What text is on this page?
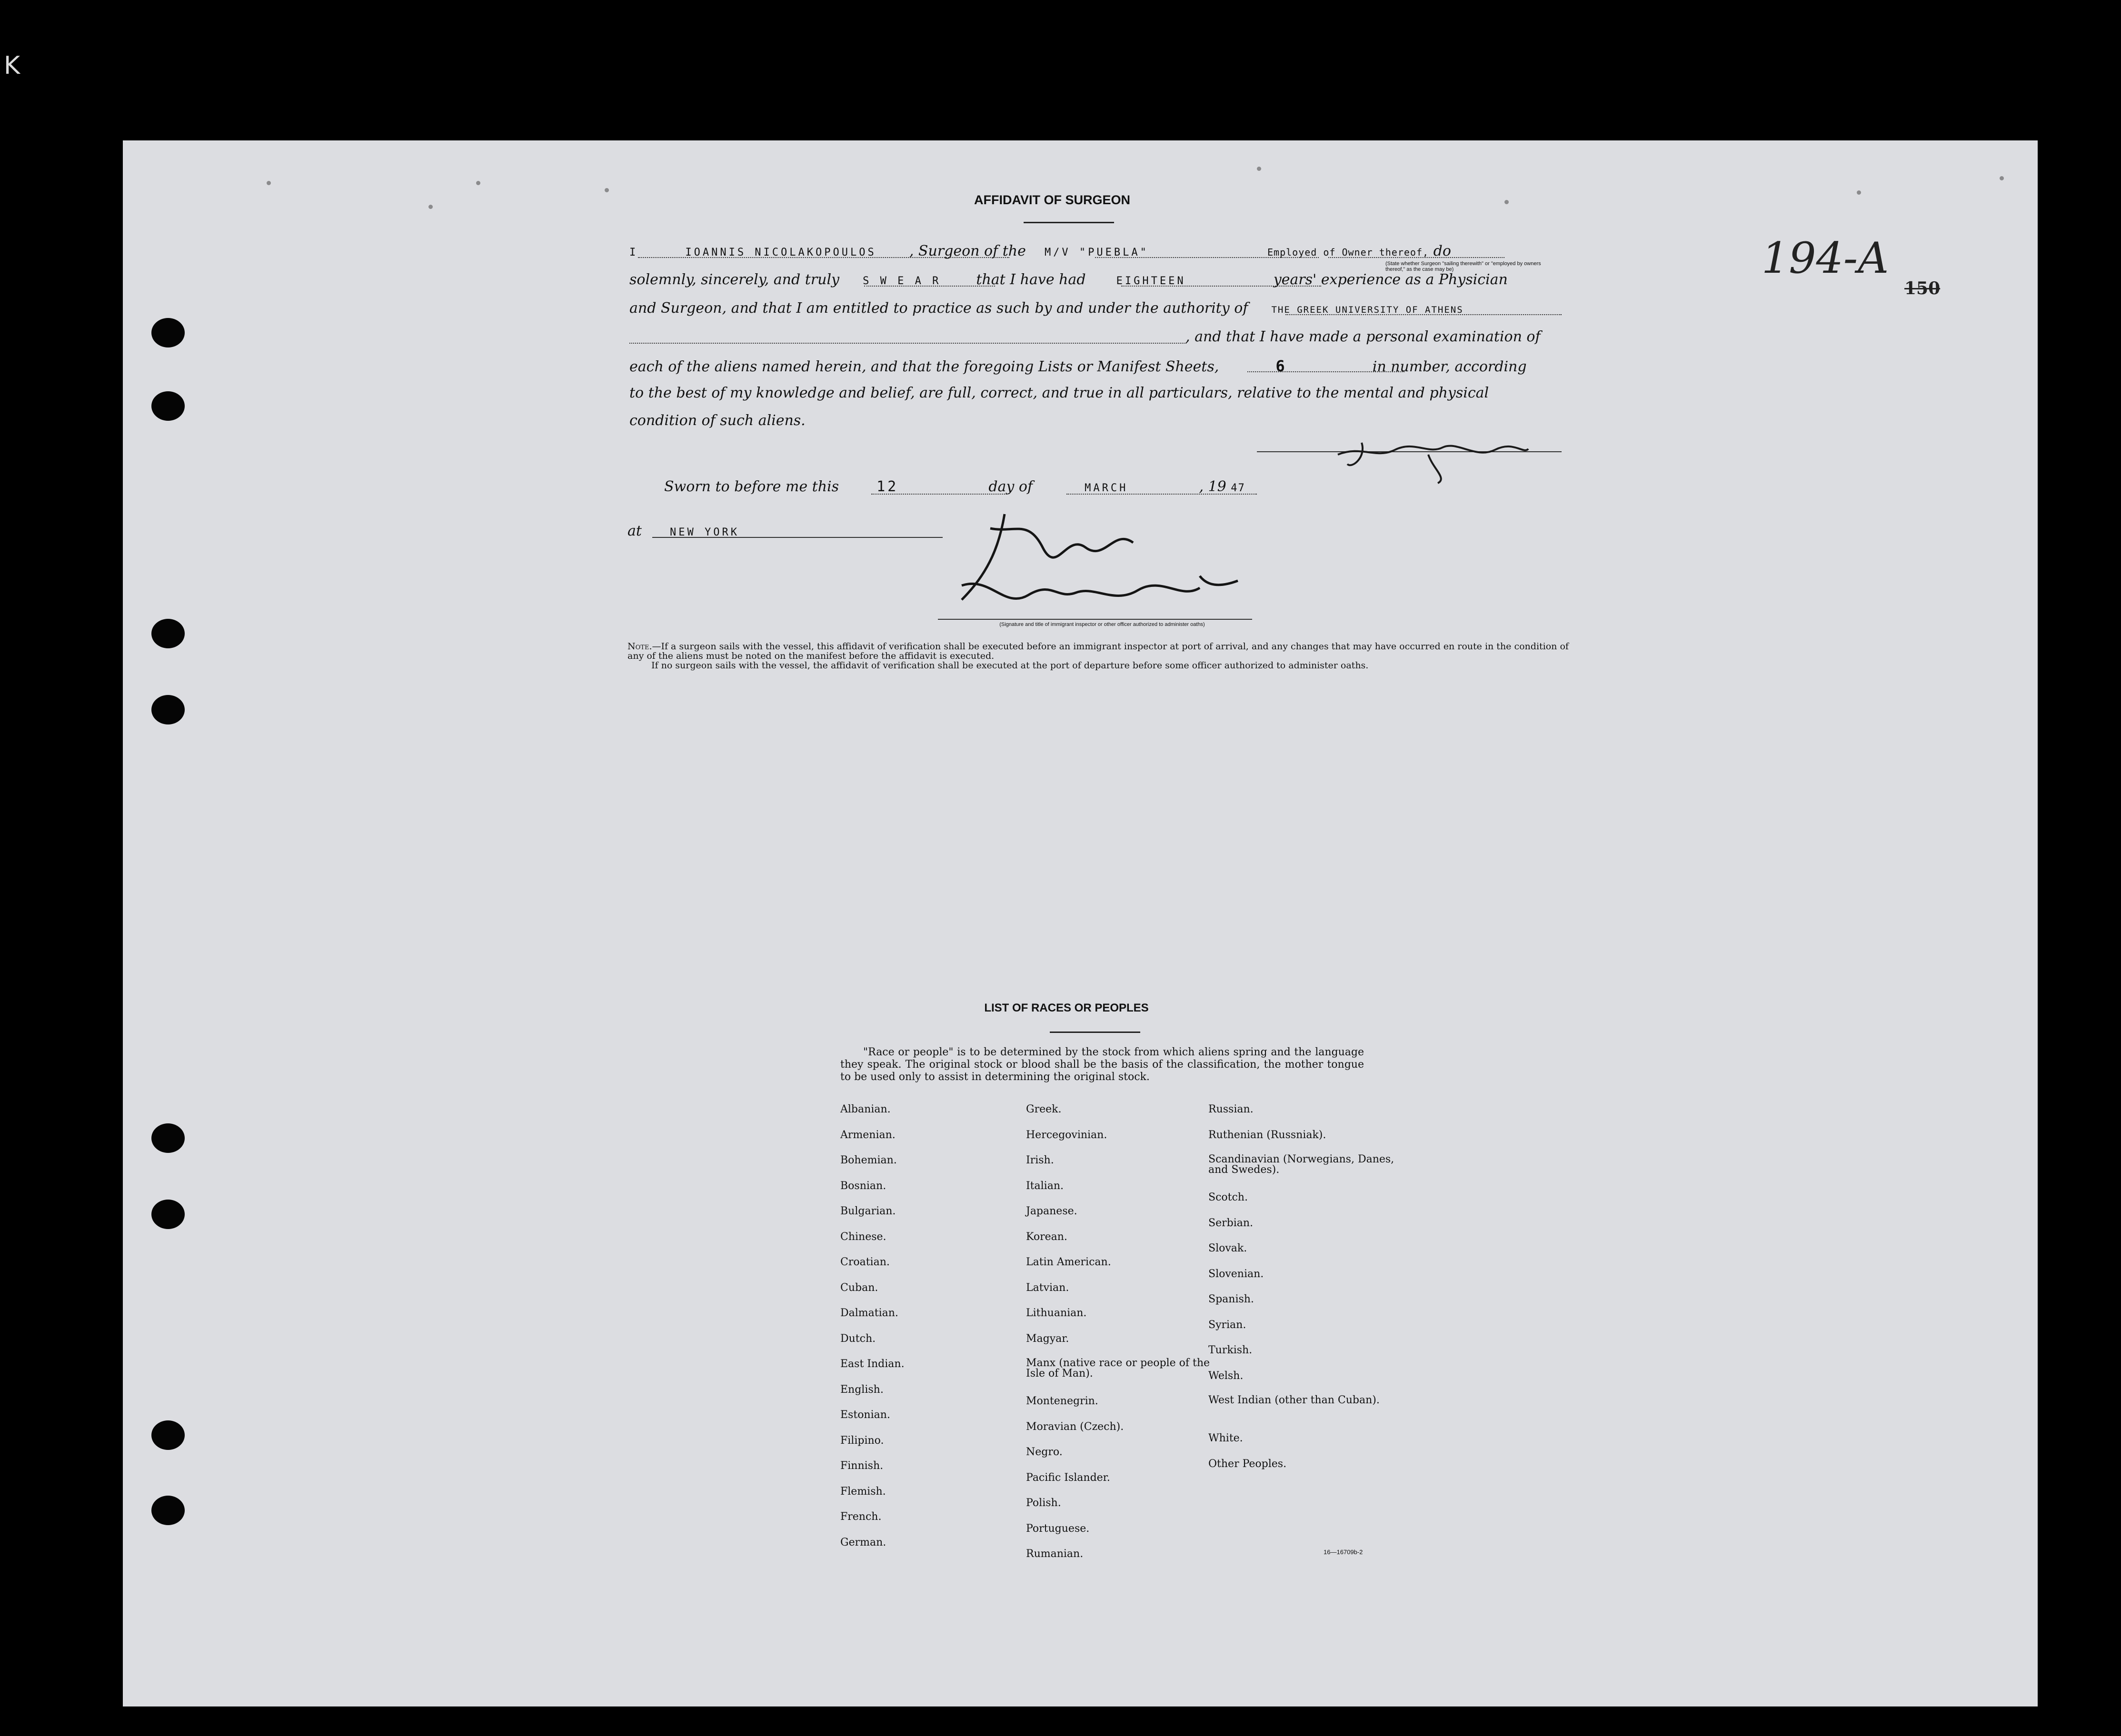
K
AFFIDAVIT OF SURGEON
I	IOANNIS NICOLAKOPOULOS , Surgeon of the M/V "PUEBLA"	Employed of Owner thereof, do
(State whether Surgeon "sailing therewith" or "employed by owners thereof," as the case may be)
solemnly, sincerely, and truly S W E A R that I have had	EIGHTEEN	years' experience as a Physician
and Surgeon, and that I am entitled to practice as such by and under the authority of	THE GREEK UNIVERSITY OF ATHENS
, and that I have made a personal examination of
each of the aliens named herein, and that the foregoing Lists or Manifest Sheets,	6	in number, according
to the best of my knowledge and belief, are full, correct, and true in all particulars, relative to the mental and physical
condition of such aliens.
Sworn to before me this	12	day of	MARCH	, 19 47
at	NEW YORK
(Signature and title of immigrant inspector or other officer authorized to administer oaths)
Note.—If a surgeon sails with the vessel, this affidavit of verification shall be executed before an immigrant inspector at port of arrival, and any changes that may have occurred en route in the condition of any of the aliens must be noted on the manifest before the affidavit is executed.
If no surgeon sails with the vessel, the affidavit of verification shall be executed at the port of departure before some officer authorized to administer oaths.
194-A
150
LIST OF RACES OR PEOPLES
"Race or people" is to be determined by the stock from which aliens spring and the language they speak. The original stock or blood shall be the basis of the classification, the mother tongue to be used only to assist in determining the original stock.
Albanian.
Armenian.
Bohemian.
Bosnian.
Bulgarian.
Chinese.
Croatian.
Cuban.
Dalmatian.
Dutch.
East Indian.
English.
Estonian.
Filipino.
Finnish.
Flemish.
French.
German.
Greek.
Hercegovinian.
Irish.
Italian.
Japanese.
Korean.
Latin American.
Latvian.
Lithuanian.
Magyar.
Manx (native race or people of the Isle of Man).
Montenegrin.
Moravian (Czech).
Negro.
Pacific Islander.
Polish.
Portuguese.
Rumanian.
Russian.
Ruthenian (Russniak).
Scandinavian (Norwegians, Danes, and Swedes).
Scotch.
Serbian.
Slovak.
Slovenian.
Spanish.
Syrian.
Turkish.
Welsh.
West Indian (other than Cuban).
White.
Other Peoples.
16—16709b-2
